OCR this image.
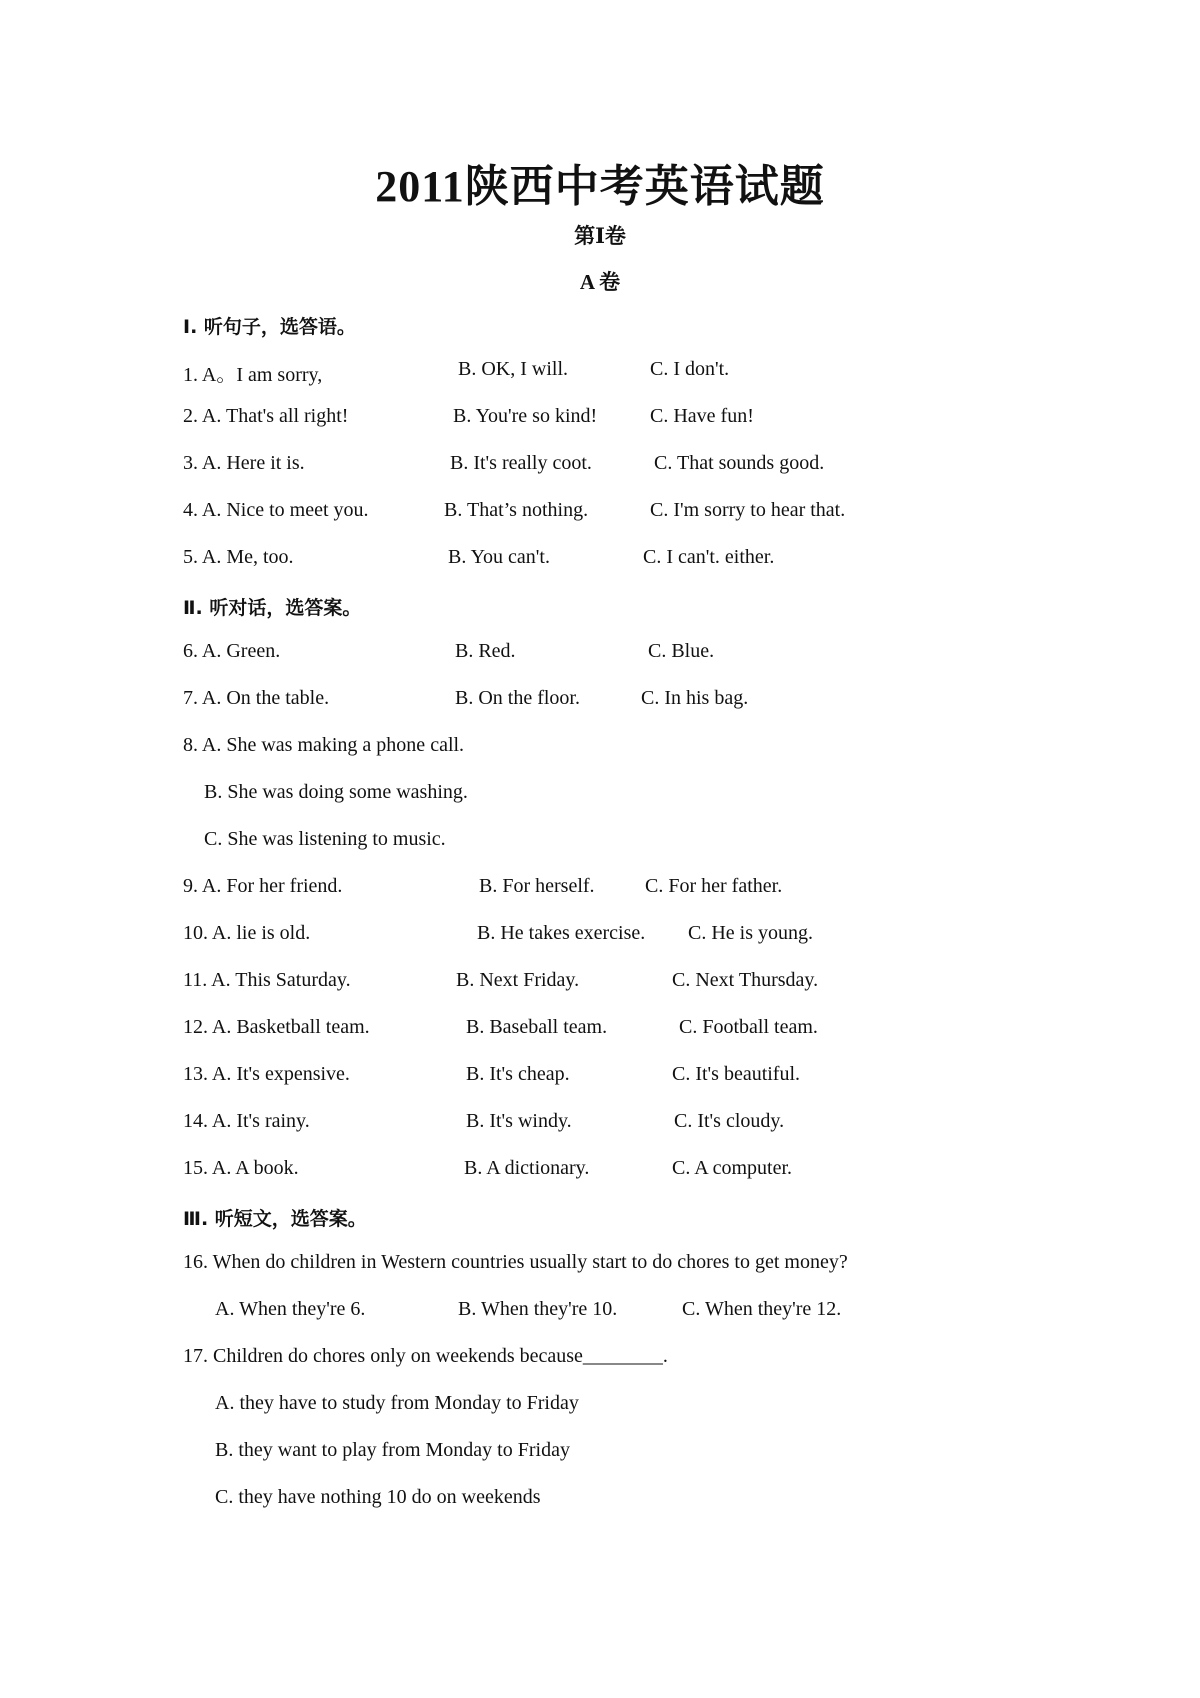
2011陕西中考英语试题
第Ⅰ卷
A 卷
Ⅰ. 听句子，选答语。
1. A。I am sorry,	B. OK, I will.	C. I don't.
2. A. That's all right!	B. You're so kind!	C. Have fun!
3. A. Here it is.	B. It's really coot.	C. That sounds good.
4. A. Nice to meet you.	B. That’s nothing.	C. I'm sorry to hear that.
5. A. Me, too.	B. You can't.	C. I can't. either.
Ⅱ. 听对话，选答案。
6. A. Green.	B. Red.	C. Blue.
7. A. On the table.	B. On the floor.	C. In his bag.
8. A. She was making a phone call.
B. She was doing some washing.
C. She was listening to music.
9. A. For her friend.	B. For herself.	C. For her father.
10. A. lie is old.	B. He takes exercise. C. He is young.
11. A. This Saturday.	B. Next Friday.	C. Next Thursday.
12. A. Basketball team.	B. Baseball team.	C. Football team.
13. A. It's expensive.	B. It's cheap.	C. It's beautiful.
14. A. It's rainy.	B. It's windy.	C. It's cloudy.
15. A. A book.	B. A dictionary.	C. A computer.
Ⅲ. 听短文，选答案。
16. When do children in Western countries usually start to do chores to get money?
A. When they're 6.	B. When they're 10.	C. When they're 12.
17. Children do chores only on weekends because________.
A. they have to study from Monday to Friday
B. they want to play from Monday to Friday
C. they have nothing 10 do on weekends
